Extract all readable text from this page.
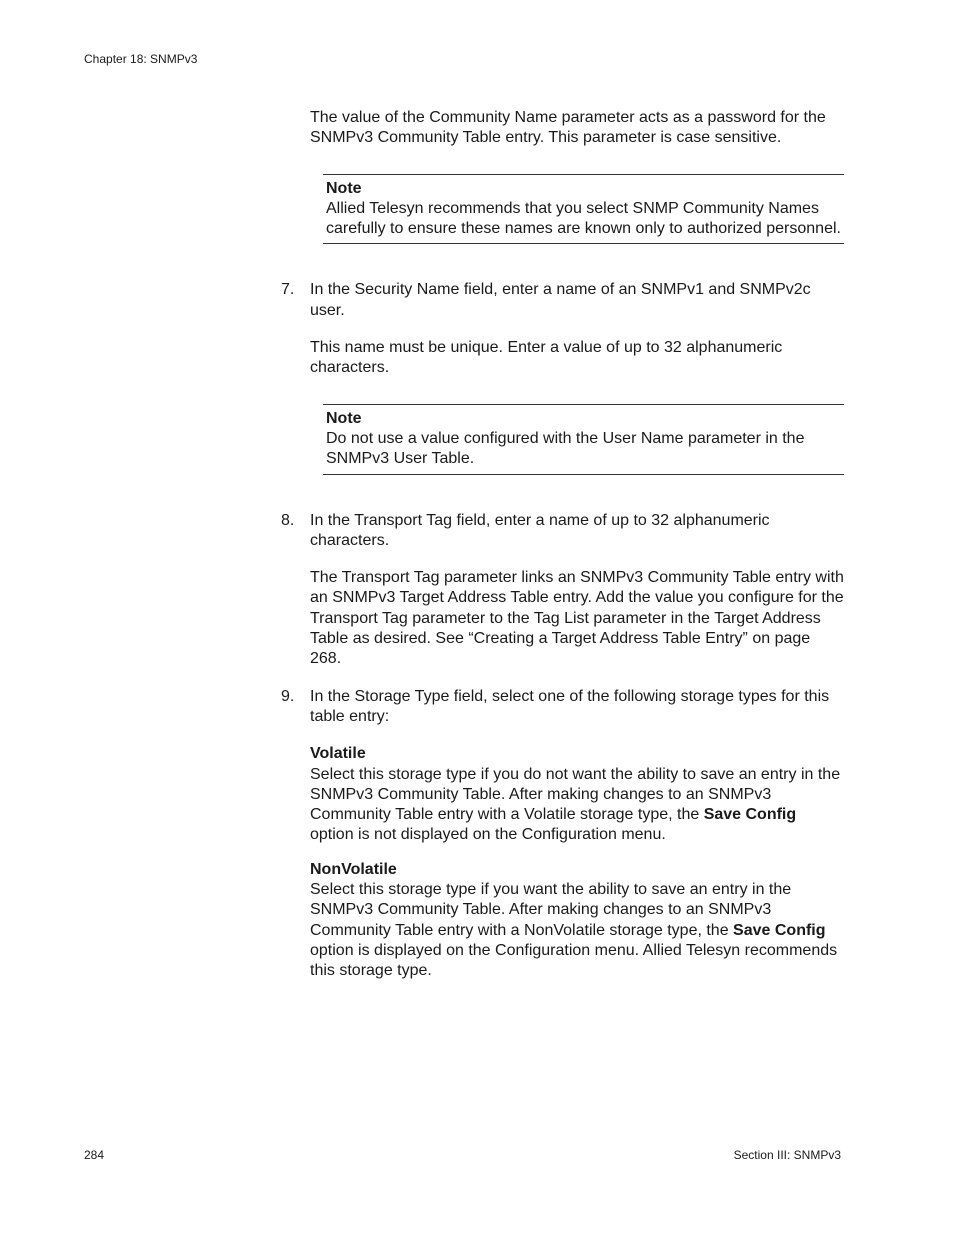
Chapter 18: SNMPv3

The value of the Community Name parameter acts as a password for the SNMPv3 Community Table entry. This parameter is case sensitive.

Note
Allied Telesyn recommends that you select SNMP Community Names carefully to ensure these names are known only to authorized personnel.
7. In the Security Name field, enter a name of an SNMPv1 and SNMPv2c user.

This name must be unique. Enter a value of up to 32 alphanumeric characters.

Note
Do not use a value configured with the User Name parameter in the SNMPv3 User Table.
8. In the Transport Tag field, enter a name of up to 32 alphanumeric characters.

The Transport Tag parameter links an SNMPv3 Community Table entry with an SNMPv3 Target Address Table entry. Add the value you configure for the Transport Tag parameter to the Tag List parameter in the Target Address Table as desired. See “Creating a Target Address Table Entry” on page 268.

9. In the Storage Type field, select one of the following storage types for this table entry:

Volatile

Select this storage type if you do not want the ability to save an entry in the SNMPv3 Community Table. After making changes to an SNMPv3 Community Table entry with a Volatile storage type, the Save Config option is not displayed on the Configuration menu.

NonVolatile

Select this storage type if you want the ability to save an entry in the SNMPv3 Community Table. After making changes to an SNMPv3 Community Table entry with a NonVolatile storage type, the Save Config option is displayed on the Configuration menu. Allied Telesyn recommends this storage type.

284	Section III: SNMPv3
